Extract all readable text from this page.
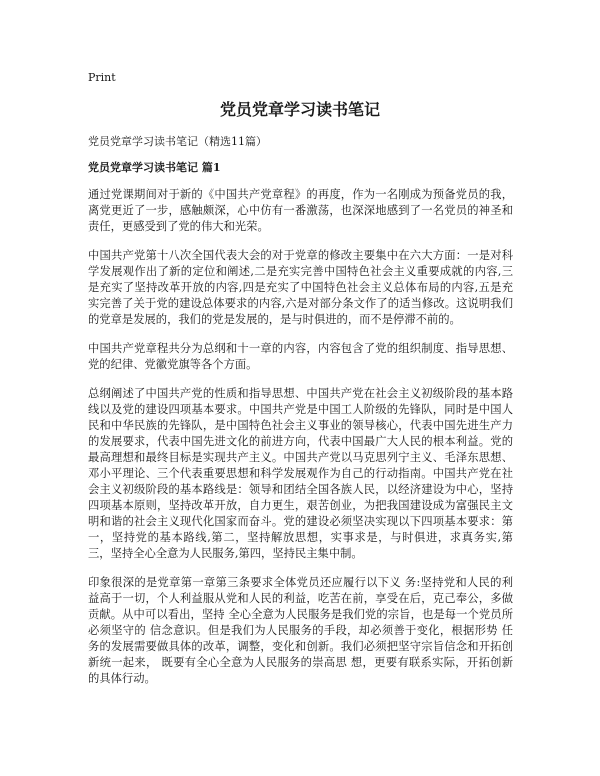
Print
党员党章学习读书笔记

党员党章学习读书笔记（精选11篇）

党员党章学习读书笔记 篇1

通过党课期间对于新的《中国共产党章程》的再度，作为一名刚成为预备党员的我，离党更近了一步，感触颇深，心中仿有一番激荡，也深深地感到了一名党员的神圣和责任，更感受到了党的伟大和光荣。

中国共产党第十八次全国代表大会的对于党章的修改主要集中在六大方面：一是对科学发展观作出了新的定位和阐述,二是充实完善中国特色社会主义重要成就的内容,三是充实了坚持改革开放的内容,四是充实了中国特色社会主义总体布局的内容,五是充实完善了关于党的建设总体要求的内容,六是对部分条文作了的适当修改。这说明我们的党章是发展的，我们的党是发展的，是与时俱进的，而不是停滞不前的。

中国共产党章程共分为总纲和十一章的内容，内容包含了党的组织制度、指导思想、党的纪律、党徽党旗等各个方面。

总纲阐述了中国共产党的性质和指导思想、中国共产党在社会主义初级阶段的基本路线以及党的建设四项基本要求。中国共产党是中国工人阶级的先锋队，同时是中国人民和中华民族的先锋队，是中国特色社会主义事业的领导核心，代表中国先进生产力的发展要求，代表中国先进文化的前进方向，代表中国最广大人民的根本利益。党的最高理想和最终目标是实现共产主义。中国共产党以马克思列宁主义、毛泽东思想、邓小平理论、三个代表重要思想和科学发展观作为自己的行动指南。中国共产党在社会主义初级阶段的基本路线是：领导和团结全国各族人民，以经济建设为中心，坚持四项基本原则，坚持改革开放，自力更生，艰苦创业，为把我国建设成为富强民主文明和谐的社会主义现代化国家而奋斗。党的建设必须坚决实现以下四项基本要求：第一，坚持党的基本路线,第二，坚持解放思想，实事求是，与时俱进，求真务实,第三，坚持全心全意为人民服务,第四，坚持民主集中制。

印象很深的是党章第一章第三条要求全体党员还应履行以下义 务:坚持党和人民的利益高于一切，个人利益服从党和人民的利益，吃苦在前，享受在后，克己奉公，多做贡献。从中可以看出，坚持 全心全意为人民服务是我们党的宗旨，也是每一个党员所必须坚守的 信念意识。但是我们为人民服务的手段，却必须善于变化，根据形势 任务的发展需要做具体的改革，调整，变化和创新。我们必须把坚守宗旨信念和开拓创新统一起来， 既要有全心全意为人民服务的崇高思 想，更要有联系实际，开拓创新的具体行动。
